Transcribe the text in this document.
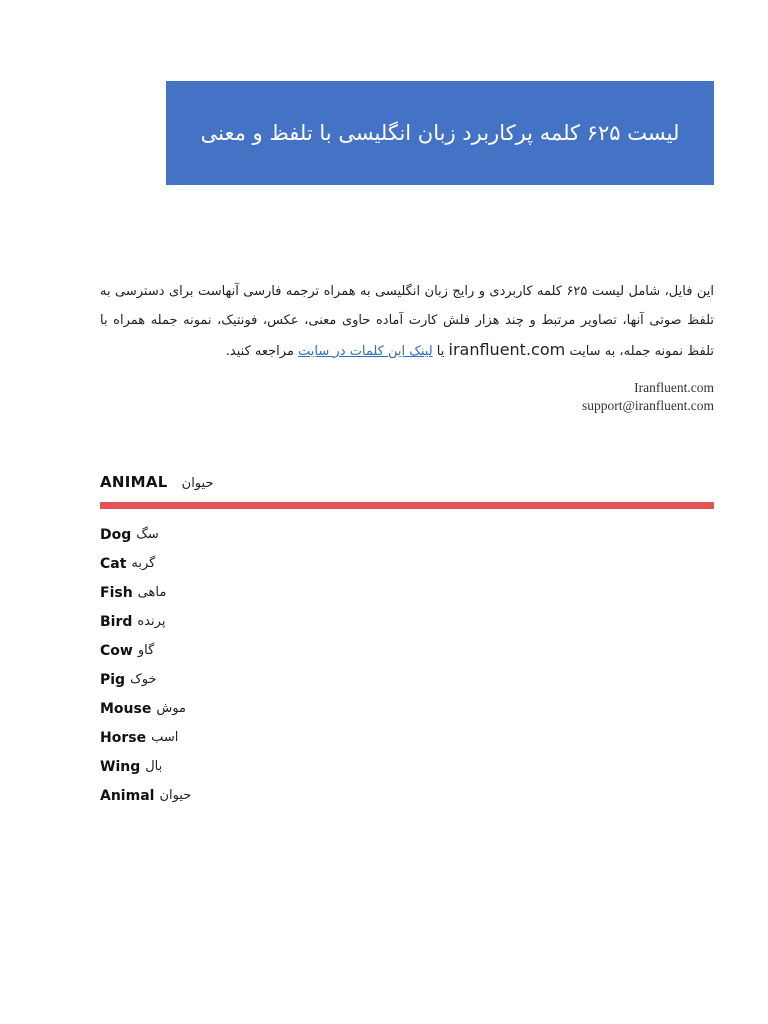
لیست ۶۲۵ کلمه پرکاربرد زبان انگلیسی با تلفظ و معنی

این فایل، شامل لیست ۶۲۵ کلمه کاربردی و رایج زبان انگلیسی به همراه ترجمه فارسی آنهاست برای دسترسی به تلفظ صوتی آنها، تصاویر مرتبط و چند هزار فلش کارت آماده حاوی معنی، عکس، فونتیک، نمونه جمله همراه با تلفظ نمونه جمله، به سایت iranfluent.com یا لینک این کلمات در سایت مراجعه کنید.

Iranfluent.com
support@iranfluent.com
ANIMAL حیوان
Dog سگ
Cat گربه
Fish ماهی
Bird پرنده
Cow گاو
Pig خوک
Mouse موش
Horse اسب
Wing بال
Animal حیوان
